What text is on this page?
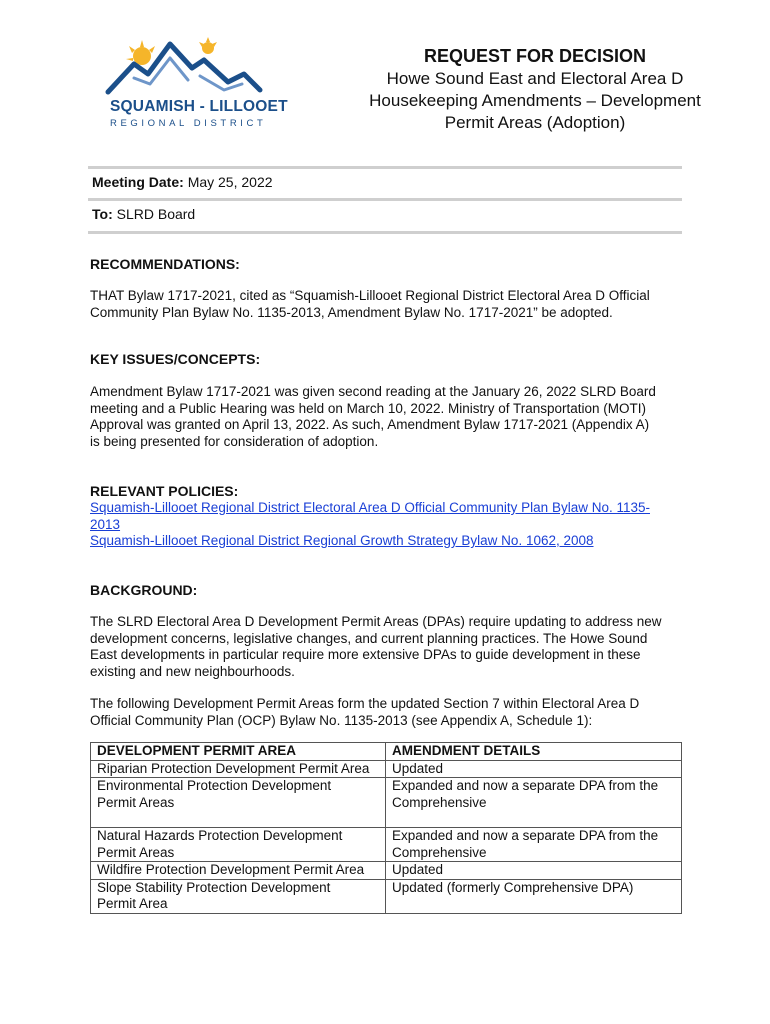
SQUAMISH - LILLOOET
REGIONAL DISTRICT
REQUEST FOR DECISION
Howe Sound East and Electoral Area D
Housekeeping Amendments – Development
Permit Areas (Adoption)
Meeting Date: May 25, 2022
To: SLRD Board
RECOMMENDATIONS:
THAT Bylaw 1717-2021, cited as “Squamish-Lillooet Regional District Electoral Area D Official
Community Plan Bylaw No. 1135-2013, Amendment Bylaw No. 1717-2021” be adopted.
KEY ISSUES/CONCEPTS:
Amendment Bylaw 1717-2021 was given second reading at the January 26, 2022 SLRD Board
meeting and a Public Hearing was held on March 10, 2022. Ministry of Transportation (MOTI)
Approval was granted on April 13, 2022. As such, Amendment Bylaw 1717-2021 (Appendix A)
is being presented for consideration of adoption.
RELEVANT POLICIES:
Squamish-Lillooet Regional District Electoral Area D Official Community Plan Bylaw No. 1135-
2013
Squamish-Lillooet Regional District Regional Growth Strategy Bylaw No. 1062, 2008
BACKGROUND:
The SLRD Electoral Area D Development Permit Areas (DPAs) require updating to address new
development concerns, legislative changes, and current planning practices. The Howe Sound
East developments in particular require more extensive DPAs to guide development in these
existing and new neighbourhoods.
The following Development Permit Areas form the updated Section 7 within Electoral Area D
Official Community Plan (OCP) Bylaw No. 1135-2013 (see Appendix A, Schedule 1):
DEVELOPMENT PERMIT AREA	AMENDMENT DETAILS
Riparian Protection Development Permit Area	Updated
Environmental Protection Development
Permit Areas	Expanded and now a separate DPA from the
Comprehensive
Natural Hazards Protection Development
Permit Areas	Expanded and now a separate DPA from the
Comprehensive
Wildfire Protection Development Permit Area	Updated
Slope Stability Protection Development
Permit Area	Updated (formerly Comprehensive DPA)
